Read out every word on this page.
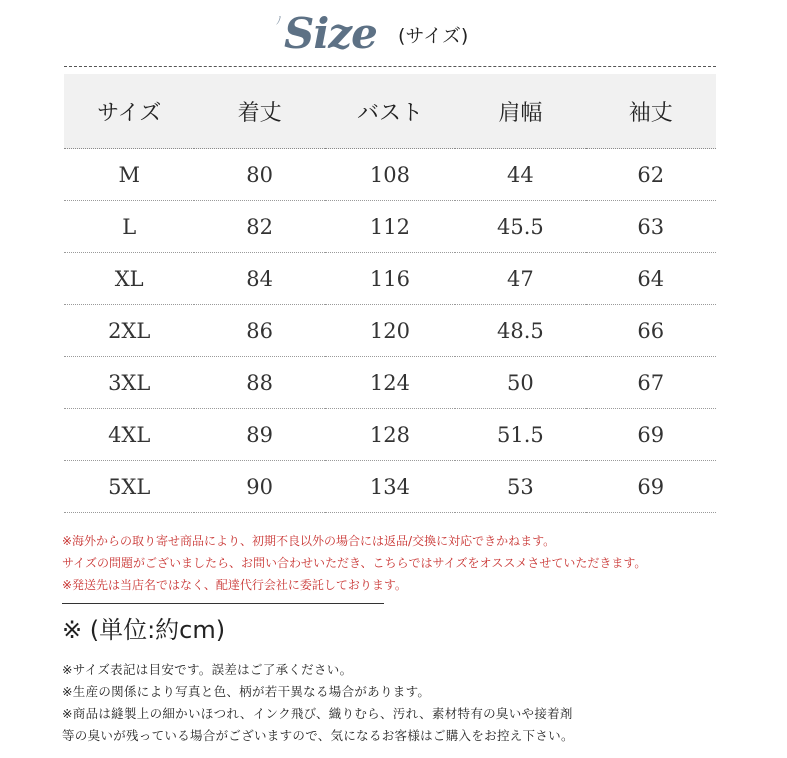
ﾉ Size (サイズ)
サイズ	着丈	バスト	肩幅	袖丈
M	80	108	44	62
L	82	112	45.5	63
XL	84	116	47	64
2XL	86	120	48.5	66
3XL	88	124	50	67
4XL	89	128	51.5	69
5XL	90	134	53	69
※海外からの取り寄せ商品により、初期不良以外の場合には返品/交換に対応できかねます。
サイズの問題がございましたら、お問い合わせいただき、こちらではサイズをオススメさせていただきます。
※発送先は当店名ではなく、配達代行会社に委託しております。
※ (単位:約cm)
※サイズ表記は目安です。誤差はご了承ください。
※生産の関係により写真と色、柄が若干異なる場合があります。
※商品は縫製上の細かいほつれ、インク飛び、織りむら、汚れ、素材特有の臭いや接着剤
等の臭いが残っている場合がございますので、気になるお客様はご購入をお控え下さい。
